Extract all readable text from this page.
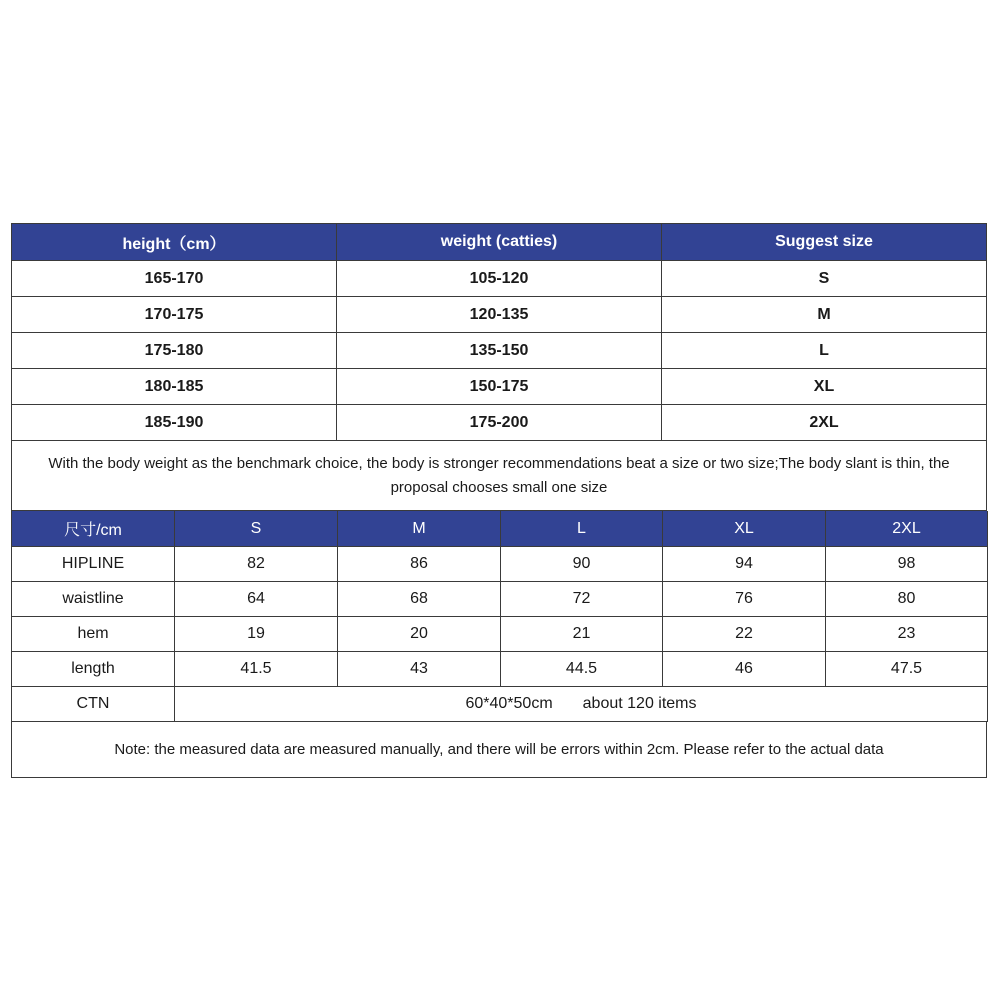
height（cm）	weight (catties)	Suggest size
165-170	105-120	S
170-175	120-135	M
175-180	135-150	L
180-185	150-175	XL
185-190	175-200	2XL
With the body weight as the benchmark choice, the body is stronger recommendations beat a size or two size;The body slant is thin, the proposal chooses small one size
尺寸/cm	S	M	L	XL	2XL
HIPLINE	82	86	90	94	98
waistline	64	68	72	76	80
hem	19	20	21	22	23
length	41.5	43	44.5	46	47.5
CTN	60*40*50cm about 120 items				
Note: the measured data are measured manually, and there will be errors within 2cm. Please refer to the actual data
